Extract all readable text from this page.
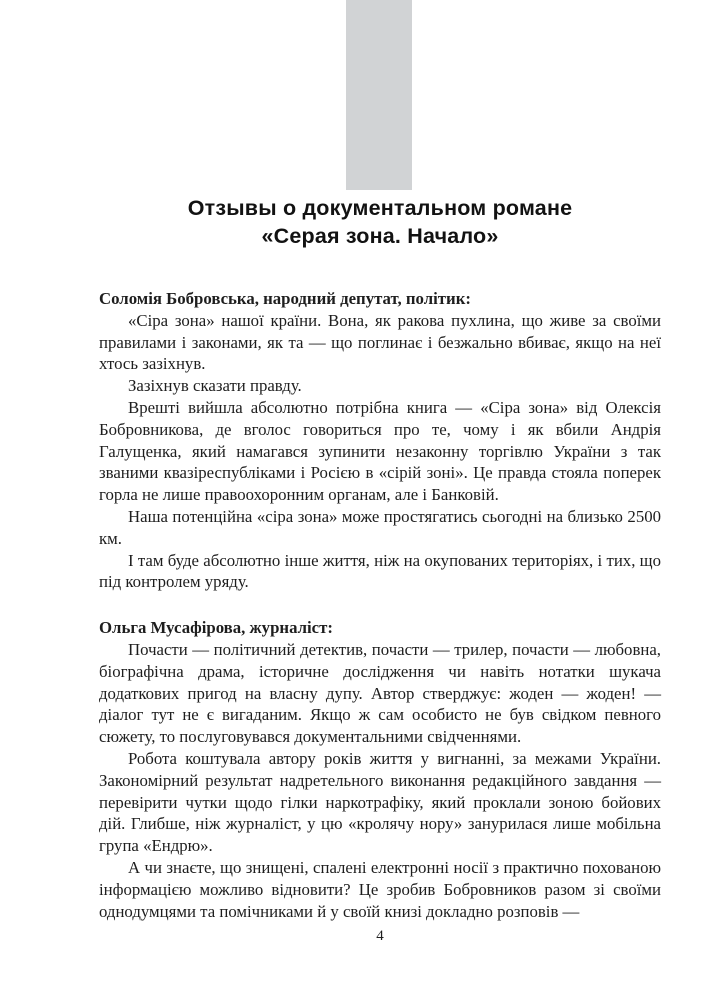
Отзывы о документальном романе
«Серая зона. Начало»

Соломія Бобровська, народний депутат, політик:

«Сіра зона» нашої країни. Вона, як ракова пухлина, що живе за своїми правилами і законами, як та — що поглинає і безжально вбиває, якщо на неї хтось зазіхнув.

Зазіхнув сказати правду.

Врешті вийшла абсолютно потрібна книга — «Сіра зона» від Олексія Бобровникова, де вголос говориться про те, чому і як вбили Андрія Галущенка, який намагався зупинити незаконну торгівлю України з так званими квазіреспубліками і Росією в «сірій зоні». Це правда стояла поперек горла не лише правоохоронним органам, але і Банковій.

Наша потенційна «сіра зона» може простягатись сьогодні на близько 2500 км.

І там буде абсолютно інше життя, ніж на окупованих територіях, і тих, що під контролем уряду.

Ольга Мусафірова, журналіст:

Почасти — політичний детектив, почасти — трилер, почасти — любовна, біографічна драма, історичне дослідження чи навіть нотатки шукача додаткових пригод на власну дупу. Автор стверджує: жоден — жоден! — діалог тут не є вигаданим. Якщо ж сам особисто не був свідком певного сюжету, то послуговувався документальними свідченнями.

Робота коштувала автору років життя у вигнанні, за межами України. Закономірний результат надретельного виконання редакційного завдання — перевірити чутки щодо гілки наркотрафіку, який проклали зоною бойових дій. Глибше, ніж журналіст, у цю «кролячу нору» занурилася лише мобільна група «Ендрю».

А чи знаєте, що знищені, спалені електронні носії з практично похованою інформацією можливо відновити? Це зробив Бобровников разом зі своїми однодумцями та помічниками й у своїй книзі докладно розповів —

4
